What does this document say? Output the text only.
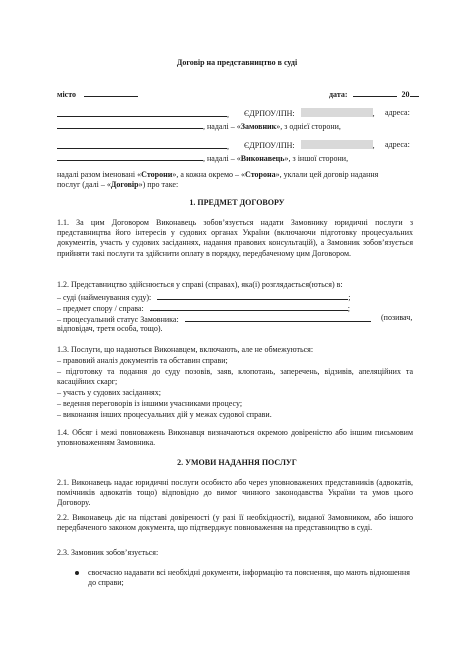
Договір на представництво в суді
місто	дата:	20
, ЄДРПОУ/ІПН:	, адреса:
, надалі – «Замовник», з однієї сторони,
, ЄДРПОУ/ІПН:	, адреса:
, надалі – «Виконавець», з іншої сторони,
надалі разом іменовані «Сторони», а кожна окремо – «Сторона», уклали цей договір надання
послуг (далі – «Договір») про таке:
1. ПРЕДМЕТ ДОГОВОРУ
1.1. За цим Договором Виконавець зобов’язується надати Замовнику юридичні послуги з представництва його інтересів у судових органах України (включаючи підготовку процесуальних документів, участь у судових засіданнях, надання правових консультацій), а Замовник зобов’язується прийняти такі послуги та здійснити оплату в порядку, передбаченому цим Договором.
1.2. Представництво здійснюється у справі (справах), яка(і) розглядається(ються) в:
– суді (найменування суду):	;
– предмет спору / справа:	;
– процесуальний статус Замовника:	(позивач,
відповідач, третя особа, тощо).
1.3. Послуги, що надаються Виконавцем, включають, але не обмежуються:
– правовий аналіз документів та обставин справи;
– підготовку та подання до суду позовів, заяв, клопотань, заперечень, відзивів, апеляційних та касаційних скарг;
– участь у судових засіданнях;
– ведення переговорів із іншими учасниками процесу;
– виконання інших процесуальних дій у межах судової справи.
1.4. Обсяг і межі повноважень Виконавця визначаються окремою довіреністю або іншим письмовим уповноваженням Замовника.
2. УМОВИ НАДАННЯ ПОСЛУГ
2.1. Виконавець надає юридичні послуги особисто або через уповноважених представників (адвокатів, помічників адвокатів тощо) відповідно до вимог чинного законодавства України та умов цього Договору.
2.2. Виконавець діє на підставі довіреності (у разі її необхідності), виданої Замовником, або іншого передбаченого законом документа, що підтверджує повноваження на представництво в суді.
2.3. Замовник зобов’язується:
своєчасно надавати всі необхідні документи, інформацію та пояснення, що мають відношення до справи;
